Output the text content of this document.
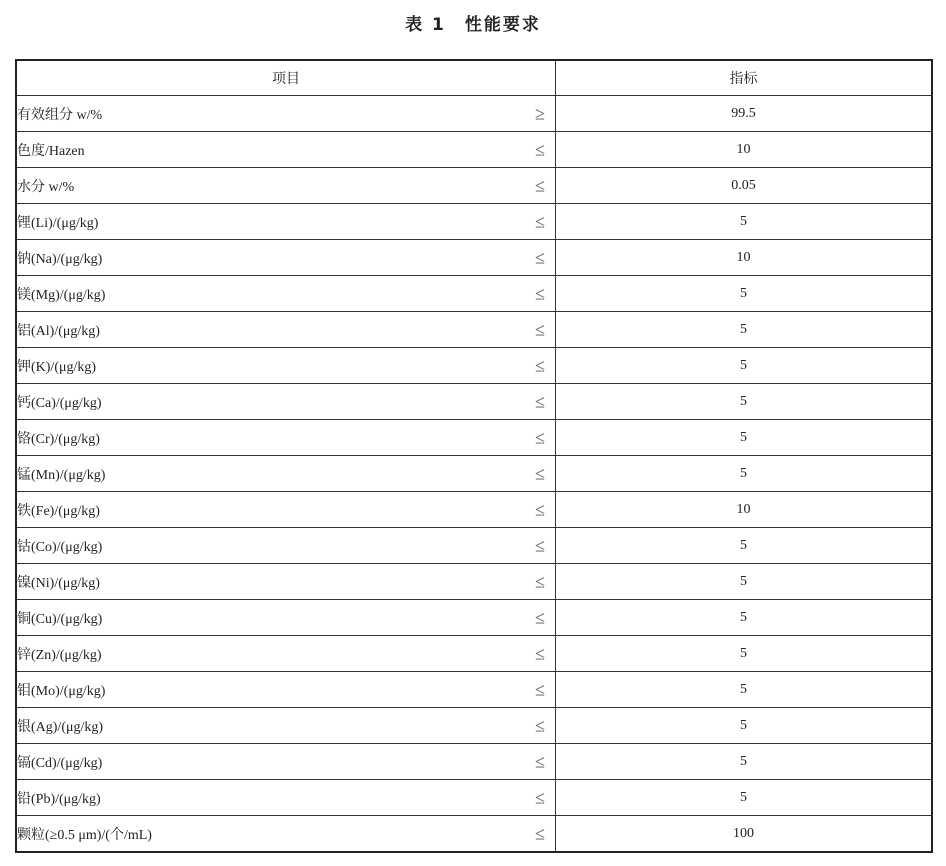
表 1　性能要求
项目	指标
有效组分 w/% ≥	99.5
色度/Hazen ≤	10
水分 w/% ≤	0.05
锂(Li)/(μg/kg) ≤	5
钠(Na)/(μg/kg) ≤	10
镁(Mg)/(μg/kg) ≤	5
铝(Al)/(μg/kg) ≤	5
钾(K)/(μg/kg) ≤	5
钙(Ca)/(μg/kg) ≤	5
铬(Cr)/(μg/kg) ≤	5
锰(Mn)/(μg/kg) ≤	5
铁(Fe)/(μg/kg) ≤	10
钴(Co)/(μg/kg) ≤	5
镍(Ni)/(μg/kg) ≤	5
铜(Cu)/(μg/kg) ≤	5
锌(Zn)/(μg/kg) ≤	5
钼(Mo)/(μg/kg) ≤	5
银(Ag)/(μg/kg) ≤	5
镉(Cd)/(μg/kg) ≤	5
铅(Pb)/(μg/kg) ≤	5
颗粒(≥0.5 μm)/(个/mL) ≤	100
